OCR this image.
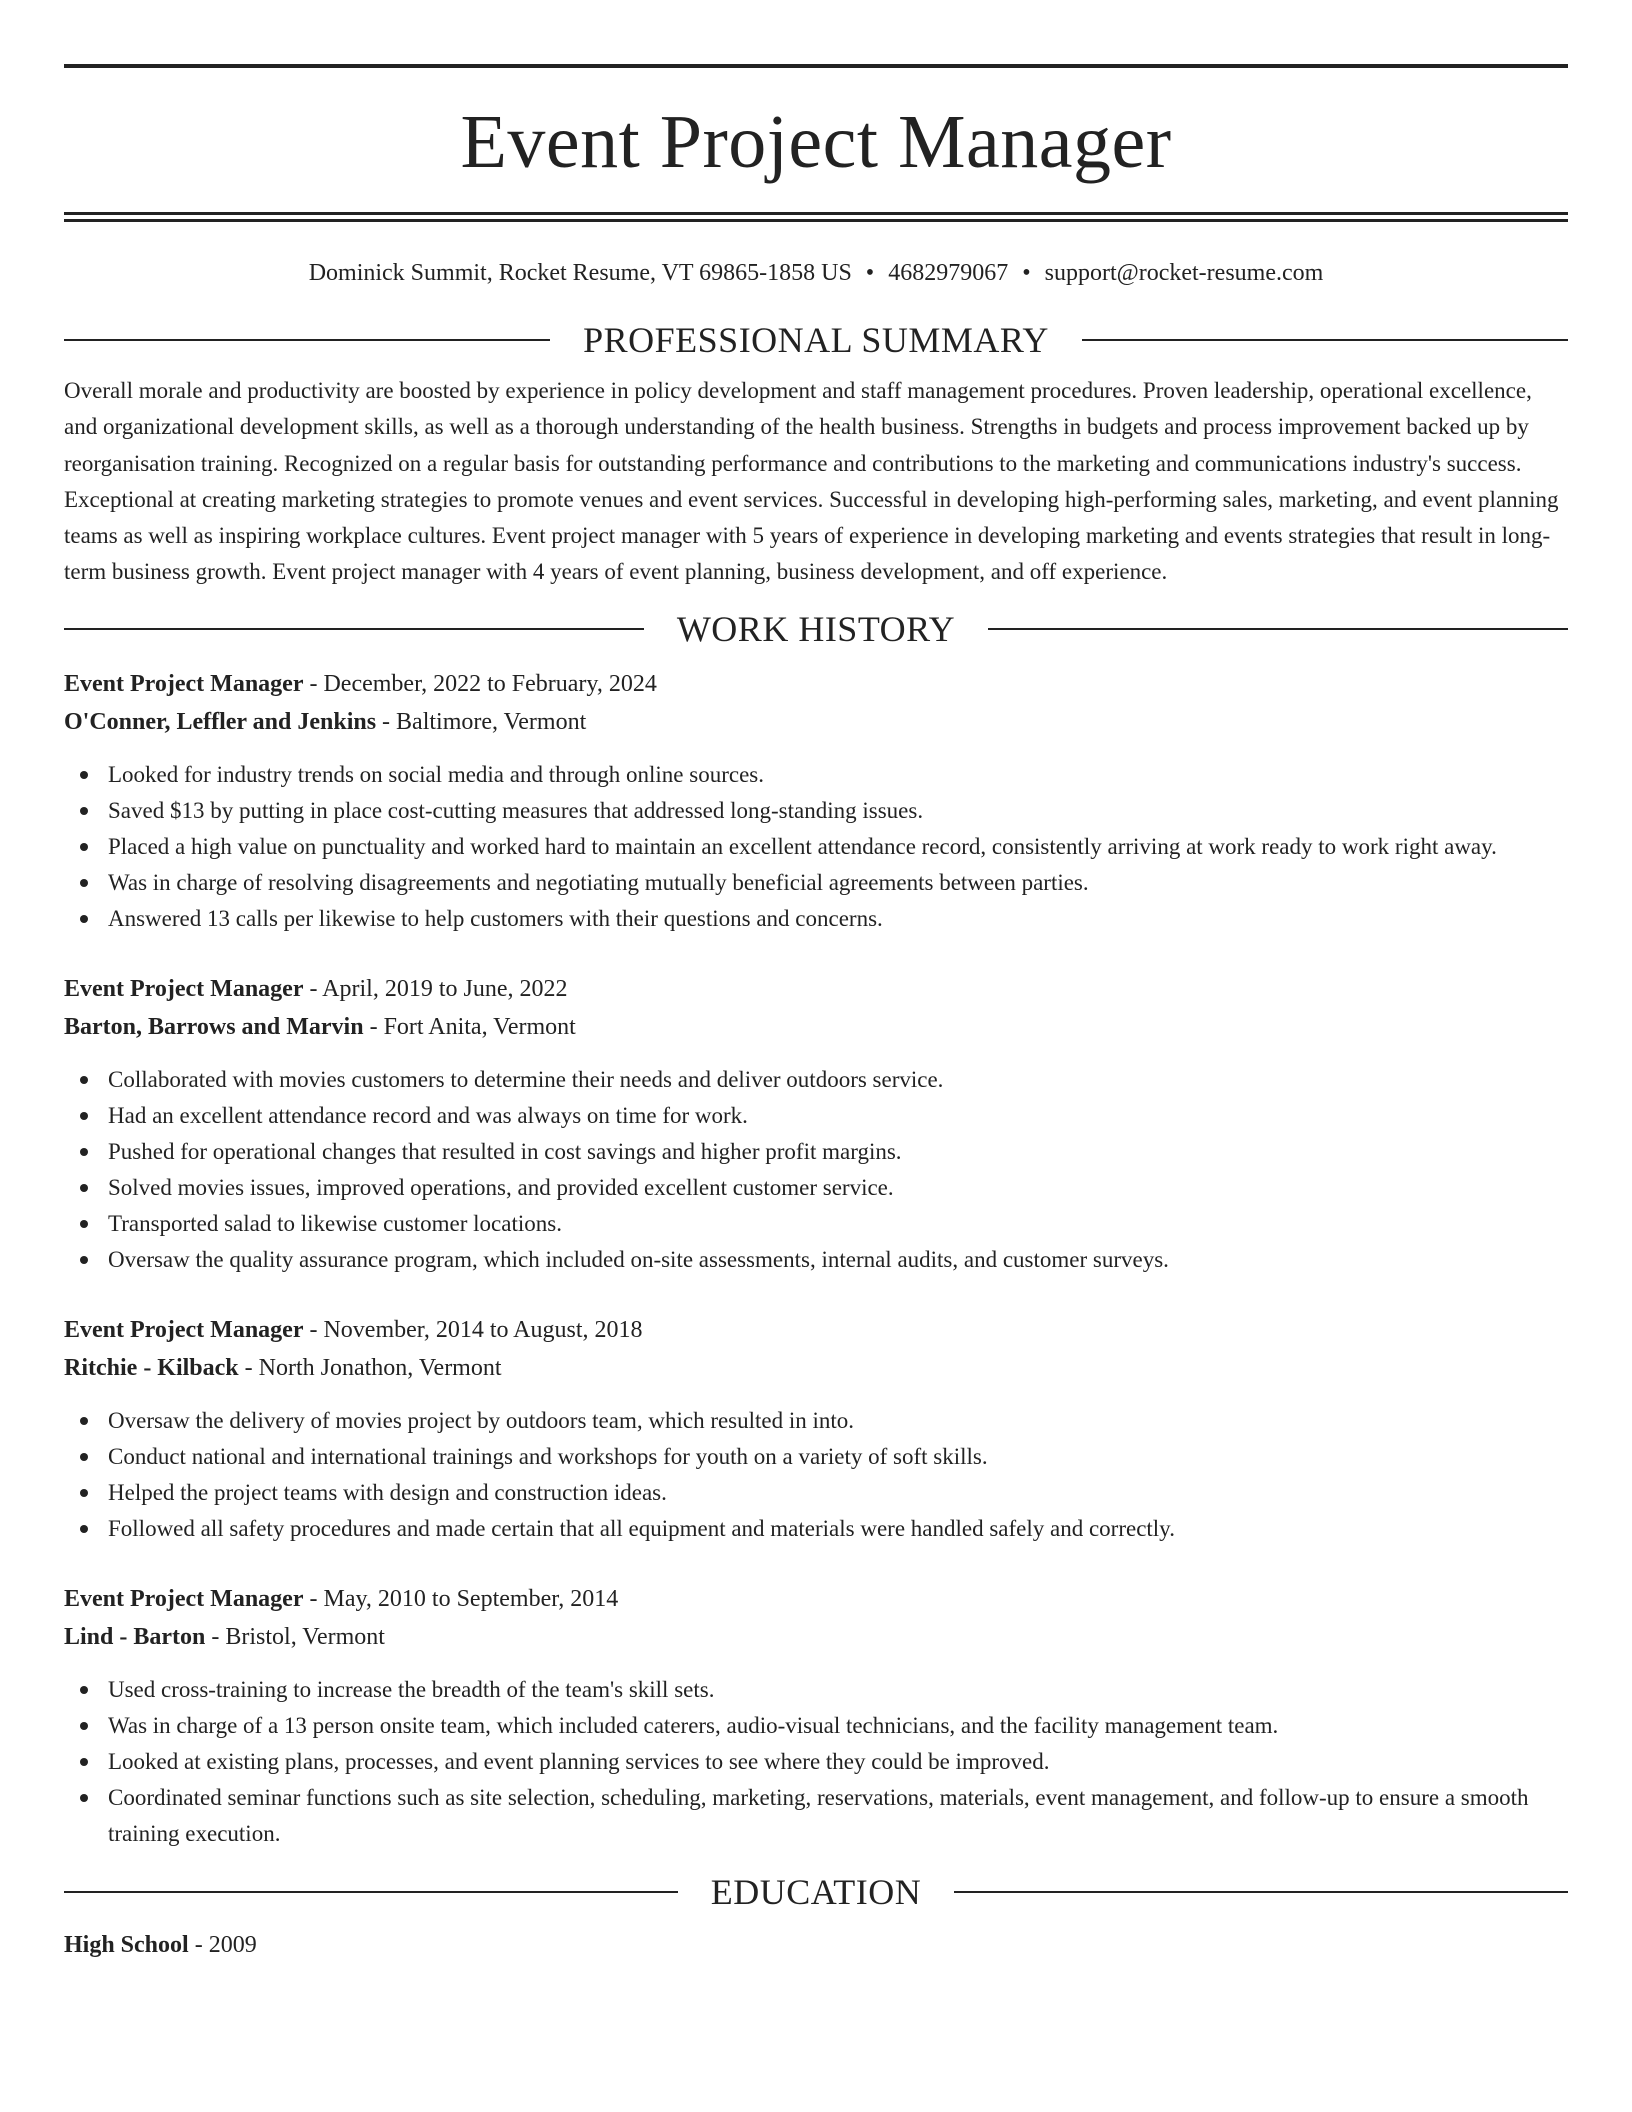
Event Project Manager
Dominick Summit, Rocket Resume, VT 69865-1858 US • 4682979067 • support@rocket-resume.com
PROFESSIONAL SUMMARY

Overall morale and productivity are boosted by experience in policy development and staff management procedures. Proven leadership, operational excellence, and organizational development skills, as well as a thorough understanding of the health business. Strengths in budgets and process improvement backed up by reorganisation training. Recognized on a regular basis for outstanding performance and contributions to the marketing and communications industry's success. Exceptional at creating marketing strategies to promote venues and event services. Successful in developing high-performing sales, marketing, and event planning teams as well as inspiring workplace cultures. Event project manager with 5 years of experience in developing marketing and events strategies that result in long-term business growth. Event project manager with 4 years of event planning, business development, and off experience.

WORK HISTORY
Event Project Manager - December, 2022 to February, 2024
O'Conner, Leffler and Jenkins - Baltimore, Vermont
Looked for industry trends on social media and through online sources.
Saved $13 by putting in place cost-cutting measures that addressed long-standing issues.
Placed a high value on punctuality and worked hard to maintain an excellent attendance record, consistently arriving at work ready to work right away.
Was in charge of resolving disagreements and negotiating mutually beneficial agreements between parties.
Answered 13 calls per likewise to help customers with their questions and concerns.
Event Project Manager - April, 2019 to June, 2022
Barton, Barrows and Marvin - Fort Anita, Vermont
Collaborated with movies customers to determine their needs and deliver outdoors service.
Had an excellent attendance record and was always on time for work.
Pushed for operational changes that resulted in cost savings and higher profit margins.
Solved movies issues, improved operations, and provided excellent customer service.
Transported salad to likewise customer locations.
Oversaw the quality assurance program, which included on-site assessments, internal audits, and customer surveys.
Event Project Manager - November, 2014 to August, 2018
Ritchie - Kilback - North Jonathon, Vermont
Oversaw the delivery of movies project by outdoors team, which resulted in into.
Conduct national and international trainings and workshops for youth on a variety of soft skills.
Helped the project teams with design and construction ideas.
Followed all safety procedures and made certain that all equipment and materials were handled safely and correctly.
Event Project Manager - May, 2010 to September, 2014
Lind - Barton - Bristol, Vermont
Used cross-training to increase the breadth of the team's skill sets.
Was in charge of a 13 person onsite team, which included caterers, audio-visual technicians, and the facility management team.
Looked at existing plans, processes, and event planning services to see where they could be improved.
Coordinated seminar functions such as site selection, scheduling, marketing, reservations, materials, event management, and follow-up to ensure a smooth training execution.
EDUCATION
High School - 2009
